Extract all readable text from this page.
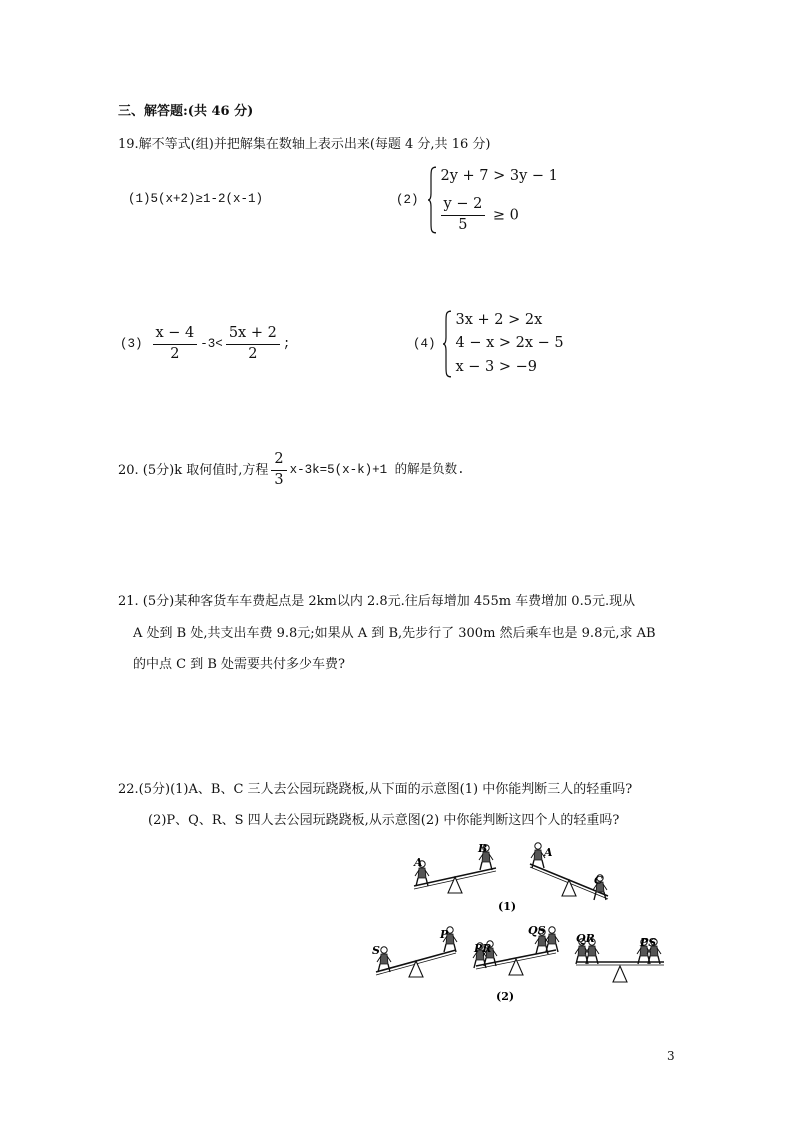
三、解答题:(共 46 分)
19.解不等式(组)并把解集在数轴上表示出来(每题 4 分,共 16 分)
(1)5(x+2)≥1-2(x-1)	(2)
2y + 7 > 3y − 1
$\frac{y - 2}{5} \ge 0$
$(3) \frac{x - 4}{2} -3< \frac{5x + 2}{2}$ ;	(4)
3x + 2 > 2x
4 − x > 2x − 5
x − 3 > −9
20. (5分)k 取何值时,方程 $\frac{2}{3} x-3k=5(x-k)+1$ 的解是负数.
21. (5分)某种客货车车费起点是 2km以内 2.8元.往后每增加 455m 车费增加 0.5元.现从
A 处到 B 处,共支出车费 9.8元;如果从 A 到 B,先步行了 300m 然后乘车也是 9.8元,求 AB
的中点 C 到 B 处需要共付多少车费?
22.(5分)(1)A、B、C 三人去公园玩跷跷板,从下面的示意图(1) 中你能判断三人的轻重吗?
(2)P、Q、R、S 四人去公园玩跷跷板,从示意图(2) 中你能判断这四个人的轻重吗?
A
B	A
C
(1)
S
P
PR
QS
QR	PS
(2)
3
